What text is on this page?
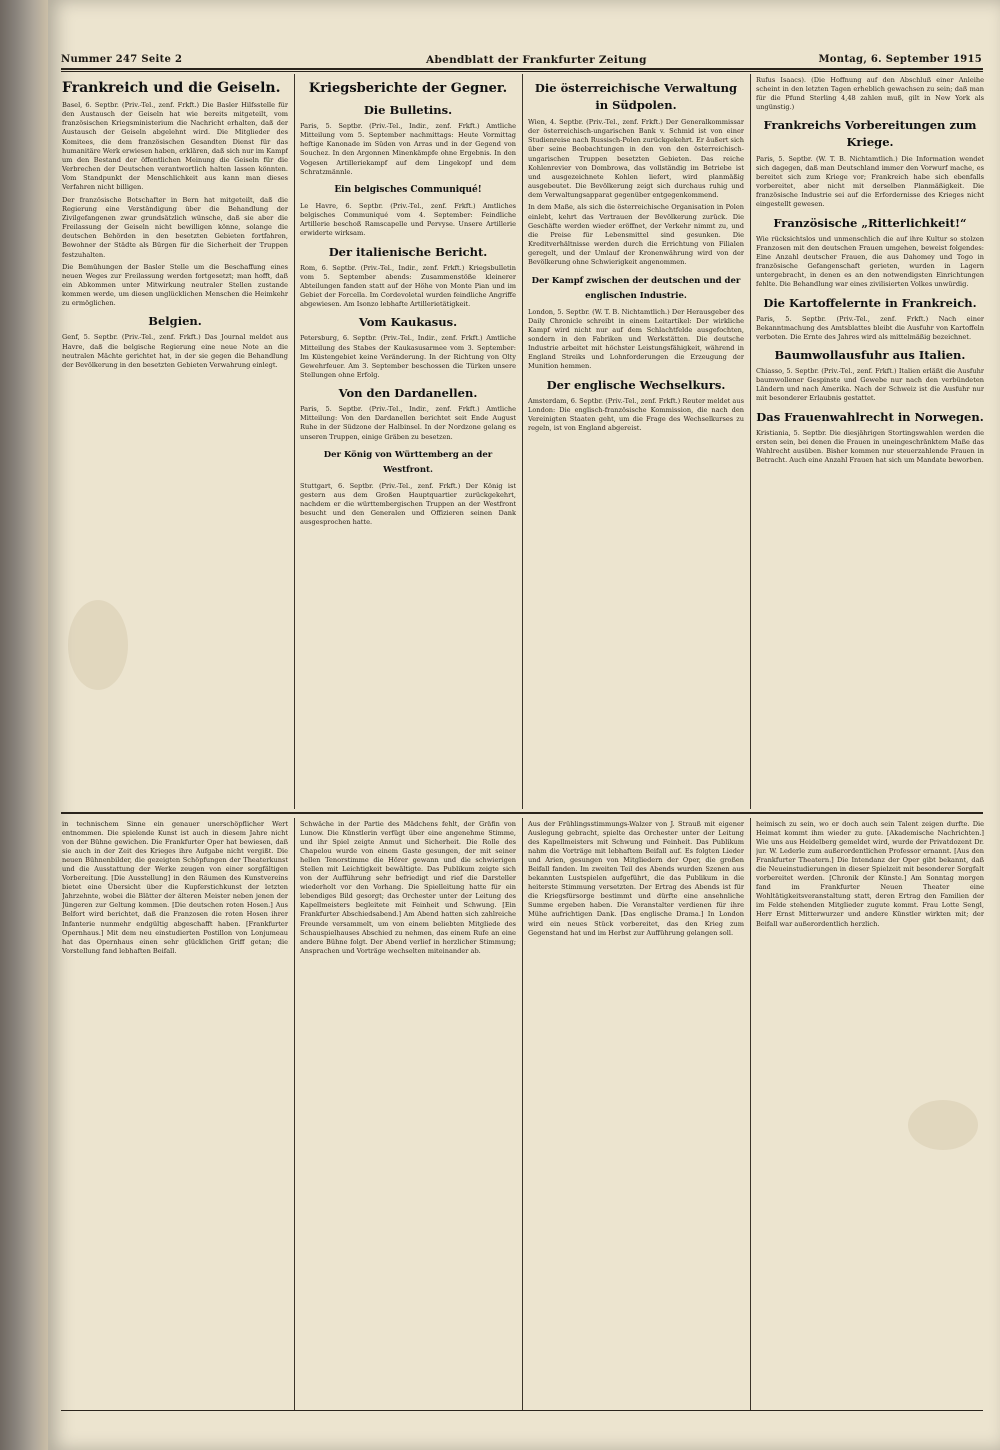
Nummer 247 Seite 2	Abendblatt der Frankfurter Zeitung	Montag, 6. September 1915
Frankreich und die Geiseln.

Basel, 6. Septbr. (Priv.-Tel., zenf. Frkft.) Die Basler Hilfsstelle für den Austausch der Geiseln hat wie bereits mitgeteilt, vom französischen Kriegsministerium die Nachricht erhalten, daß der Austausch der Geiseln abgelehnt wird. Die Mitglieder des Komitees, die dem französischen Gesandten Dienst für das humanitäre Werk erwiesen haben, erklären, daß sich nur im Kampf um den Bestand der öffentlichen Meinung die Geiseln für die Verbrechen der Deutschen verantwortlich halten lassen könnten. Vom Standpunkt der Menschlichkeit aus kann man dieses Verfahren nicht billigen.

Der französische Botschafter in Bern hat mitgeteilt, daß die Regierung eine Verständigung über die Behandlung der Zivilgefangenen zwar grundsätzlich wünsche, daß sie aber die Freilassung der Geiseln nicht bewilligen könne, solange die deutschen Behörden in den besetzten Gebieten fortfahren, Bewohner der Städte als Bürgen für die Sicherheit der Truppen festzuhalten.

Die Bemühungen der Basler Stelle um die Beschaffung eines neuen Weges zur Freilassung werden fortgesetzt; man hofft, daß ein Abkommen unter Mitwirkung neutraler Stellen zustande kommen werde, um diesen unglücklichen Menschen die Heimkehr zu ermöglichen.

Belgien.

Genf, 5. Septbr. (Priv.-Tel., zenf. Frkft.) Das Journal meldet aus Havre, daß die belgische Regierung eine neue Note an die neutralen Mächte gerichtet hat, in der sie gegen die Behandlung der Bevölkerung in den besetzten Gebieten Verwahrung einlegt.

Kriegsberichte der Gegner.
Die Bulletins.

Paris, 5. Septbr. (Priv.-Tel., Indir., zenf. Frkft.) Amtliche Mitteilung vom 5. September nachmittags: Heute Vormittag heftige Kanonade im Süden von Arras und in der Gegend von Souchez. In den Argonnen Minenkämpfe ohne Ergebnis. In den Vogesen Artilleriekampf auf dem Lingekopf und dem Schratzmännle.

Ein belgisches Communiqué!

Le Havre, 6. Septbr. (Priv.-Tel., zenf. Frkft.) Amtliches belgisches Communiqué vom 4. September: Feindliche Artillerie beschoß Ramscapelle und Pervyse. Unsere Artillerie erwiderte wirksam.

Der italienische Bericht.

Rom, 6. Septbr. (Priv.-Tel., Indir., zenf. Frkft.) Kriegsbulletin vom 5. September abends: Zusammenstöße kleinerer Abteilungen fanden statt auf der Höhe von Monte Pian und im Gebiet der Forcella. Im Cordevoletal wurden feindliche Angriffe abgewiesen. Am Isonzo lebhafte Artillerietätigkeit.

Vom Kaukasus.

Petersburg, 6. Septbr. (Priv.-Tel., Indir., zenf. Frkft.) Amtliche Mitteilung des Stabes der Kaukasusarmee vom 3. September: Im Küstengebiet keine Veränderung. In der Richtung von Olty Gewehrfeuer. Am 3. September beschossen die Türken unsere Stellungen ohne Erfolg.

Von den Dardanellen.

Paris, 5. Septbr. (Priv.-Tel., Indir., zenf. Frkft.) Amtliche Mitteilung: Von den Dardanellen berichtet seit Ende August Ruhe in der Südzone der Halbinsel. In der Nordzone gelang es unseren Truppen, einige Gräben zu besetzen.

Der König von Württemberg an der Westfront.

Stuttgart, 6. Septbr. (Priv.-Tel., zenf. Frkft.) Der König ist gestern aus dem Großen Hauptquartier zurückgekehrt, nachdem er die württembergischen Truppen an der Westfront besucht und den Generalen und Offizieren seinen Dank ausgesprochen hatte.

Die österreichische Verwaltung in Südpolen.

Wien, 4. Septbr. (Priv.-Tel., zenf. Frkft.) Der Generalkommissar der österreichisch-ungarischen Bank v. Schmid ist von einer Studienreise nach Russisch-Polen zurückgekehrt. Er äußert sich über seine Beobachtungen in den von den österreichisch-ungarischen Truppen besetzten Gebieten. Das reiche Kohlenrevier von Dombrowa, das vollständig im Betriebe ist und ausgezeichnete Kohlen liefert, wird planmäßig ausgebeutet. Die Bevölkerung zeigt sich durchaus ruhig und dem Verwaltungsapparat gegenüber entgegenkommend.

In dem Maße, als sich die österreichische Organisation in Polen einlebt, kehrt das Vertrauen der Bevölkerung zurück. Die Geschäfte werden wieder eröffnet, der Verkehr nimmt zu, und die Preise für Lebensmittel sind gesunken. Die Kreditverhältnisse werden durch die Errichtung von Filialen geregelt, und der Umlauf der Kronenwährung wird von der Bevölkerung ohne Schwierigkeit angenommen.

Der Kampf zwischen der deutschen und der englischen Industrie.

London, 5. Septbr. (W. T. B. Nichtamtlich.) Der Herausgeber des Daily Chronicle schreibt in einem Leitartikel: Der wirkliche Kampf wird nicht nur auf dem Schlachtfelde ausgefochten, sondern in den Fabriken und Werkstätten. Die deutsche Industrie arbeitet mit höchster Leistungsfähigkeit, während in England Streiks und Lohnforderungen die Erzeugung der Munition hemmen.

Der englische Wechselkurs.

Amsterdam, 6. Septbr. (Priv.-Tel., zenf. Frkft.) Reuter meldet aus London: Die englisch-französische Kommission, die nach den Vereinigten Staaten geht, um die Frage des Wechselkurses zu regeln, ist von England abgereist.

Rufus Isaacs). (Die Hoffnung auf den Abschluß einer Anleihe scheint in den letzten Tagen erheblich gewachsen zu sein; daß man für die Pfund Sterling 4,48 zahlen muß, gilt in New York als ungünstig.)

Frankreichs Vorbereitungen zum Kriege.

Paris, 5. Septbr. (W. T. B. Nichtamtlich.) Die Information wendet sich dagegen, daß man Deutschland immer den Vorwurf mache, es bereitet sich zum Kriege vor; Frankreich habe sich ebenfalls vorbereitet, aber nicht mit derselben Planmäßigkeit. Die französische Industrie sei auf die Erfordernisse des Krieges nicht eingestellt gewesen.

Französische „Ritterlichkeit!“

Wie rücksichtslos und unmenschlich die auf ihre Kultur so stolzen Franzosen mit den deutschen Frauen umgehen, beweist folgendes: Eine Anzahl deutscher Frauen, die aus Dahomey und Togo in französische Gefangenschaft gerieten, wurden in Lagern untergebracht, in denen es an den notwendigsten Einrichtungen fehlte. Die Behandlung war eines zivilisierten Volkes unwürdig.

Die Kartoffelernte in Frankreich.

Paris, 5. Septbr. (Priv.-Tel., zenf. Frkft.) Nach einer Bekanntmachung des Amtsblattes bleibt die Ausfuhr von Kartoffeln verboten. Die Ernte des Jahres wird als mittelmäßig bezeichnet.

Baumwollausfuhr aus Italien.

Chiasso, 5. Septbr. (Priv.-Tel., zenf. Frkft.) Italien erläßt die Ausfuhr baumwollener Gespinste und Gewebe nur nach den verbündeten Ländern und nach Amerika. Nach der Schweiz ist die Ausfuhr nur mit besonderer Erlaubnis gestattet.

Das Frauenwahlrecht in Norwegen.

Kristiania, 5. Septbr. Die diesjährigen Stortingswahlen werden die ersten sein, bei denen die Frauen in uneingeschränktem Maße das Wahlrecht ausüben. Bisher kommen nur steuerzahlende Frauen in Betracht. Auch eine Anzahl Frauen hat sich um Mandate beworben.

in technischem Sinne ein genauer unerschöpflicher Wert entnommen. Die spielende Kunst ist auch in diesem Jahre nicht von der Bühne gewichen. Die Frankfurter Oper hat bewiesen, daß sie auch in der Zeit des Krieges ihre Aufgabe nicht vergißt. Die neuen Bühnenbilder, die gezeigten Schöpfungen der Theaterkunst und die Ausstattung der Werke zeugen von einer sorgfältigen Vorbereitung. [Die Ausstellung] in den Räumen des Kunstvereins bietet eine Übersicht über die Kupferstichkunst der letzten Jahrzehnte, wobei die Blätter der älteren Meister neben jenen der Jüngeren zur Geltung kommen. [Die deutschen roten Hosen.] Aus Belfort wird berichtet, daß die Franzosen die roten Hosen ihrer Infanterie nunmehr endgültig abgeschafft haben. [Frankfurter Opernhaus.] Mit dem neu einstudierten Postillon von Lonjumeau hat das Opernhaus einen sehr glücklichen Griff getan; die Vorstellung fand lebhaften Beifall.

Schwäche in der Partie des Mädchens fehlt, der Gräfin von Lunow. Die Künstlerin verfügt über eine angenehme Stimme, und ihr Spiel zeigte Anmut und Sicherheit. Die Rolle des Chapelou wurde von einem Gaste gesungen, der mit seiner hellen Tenorstimme die Hörer gewann und die schwierigen Stellen mit Leichtigkeit bewältigte. Das Publikum zeigte sich von der Aufführung sehr befriedigt und rief die Darsteller wiederholt vor den Vorhang. Die Spielleitung hatte für ein lebendiges Bild gesorgt; das Orchester unter der Leitung des Kapellmeisters begleitete mit Feinheit und Schwung. [Ein Frankfurter Abschiedsabend.] Am Abend hatten sich zahlreiche Freunde versammelt, um von einem beliebten Mitgliede des Schauspielhauses Abschied zu nehmen, das einem Rufe an eine andere Bühne folgt. Der Abend verlief in herzlicher Stimmung; Ansprachen und Vorträge wechselten miteinander ab.

Aus der Frühlingsstimmungs-Walzer von J. Strauß mit eigener Auslegung gebracht, spielte das Orchester unter der Leitung des Kapellmeisters mit Schwung und Feinheit. Das Publikum nahm die Vorträge mit lebhaftem Beifall auf. Es folgten Lieder und Arien, gesungen von Mitgliedern der Oper, die großen Beifall fanden. Im zweiten Teil des Abends wurden Szenen aus bekannten Lustspielen aufgeführt, die das Publikum in die heiterste Stimmung versetzten. Der Ertrag des Abends ist für die Kriegsfürsorge bestimmt und dürfte eine ansehnliche Summe ergeben haben. Die Veranstalter verdienen für ihre Mühe aufrichtigen Dank. [Das englische Drama.] In London wird ein neues Stück vorbereitet, das den Krieg zum Gegenstand hat und im Herbst zur Aufführung gelangen soll.

heimisch zu sein, wo er doch auch sein Talent zeigen durfte. Die Heimat kommt ihm wieder zu gute. [Akademische Nachrichten.] Wie uns aus Heidelberg gemeldet wird, wurde der Privatdozent Dr. jur. W. Lederle zum außerordentlichen Professor ernannt. [Aus den Frankfurter Theatern.] Die Intendanz der Oper gibt bekannt, daß die Neueinstudierungen in dieser Spielzeit mit besonderer Sorgfalt vorbereitet werden. [Chronik der Künste.] Am Sonntag morgen fand im Frankfurter Neuen Theater eine Wohltätigkeitsveranstaltung statt, deren Ertrag den Familien der im Felde stehenden Mitglieder zugute kommt. Frau Lotte Sengl, Herr Ernst Mitterwurzer und andere Künstler wirkten mit; der Beifall war außerordentlich herzlich.
